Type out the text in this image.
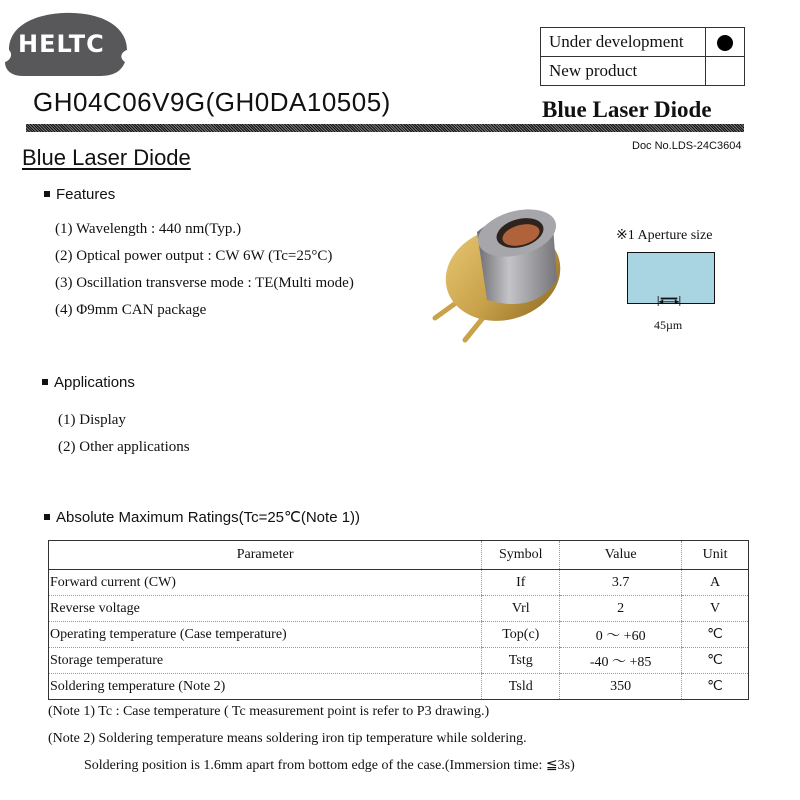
HELTC	Under development	
New product	
GH04C06V9G(GH0DA10505)	Blue Laser Diode
Doc No.LDS-24C3604
Blue Laser Diode
Features
(1) Wavelength : 440 nm(Typ.)
(2) Optical power output : CW 6W (Tc=25°C)
(3) Oscillation transverse mode : TE(Multi mode)
(4) Φ9mm CAN package
※1 Aperture size
45µm
Applications
(1) Display
(2) Other applications
Absolute Maximum Ratings(Tc=25℃(Note 1))
Parameter	Symbol	Value	Unit
Forward current (CW)	If	3.7	A
Reverse voltage	Vrl	2	V
Operating temperature (Case temperature)	Top(c)	0 ～ +60	℃
Storage temperature	Tstg	-40 ～ +85	℃
Soldering temperature (Note 2)	Tsld	350	℃
(Note 1) Tc : Case temperature ( Tc measurement point is refer to P3 drawing.)
(Note 2) Soldering temperature means soldering iron tip temperature while soldering.
Soldering position is 1.6mm apart from bottom edge of the case.(Immersion time: ≦3s)
